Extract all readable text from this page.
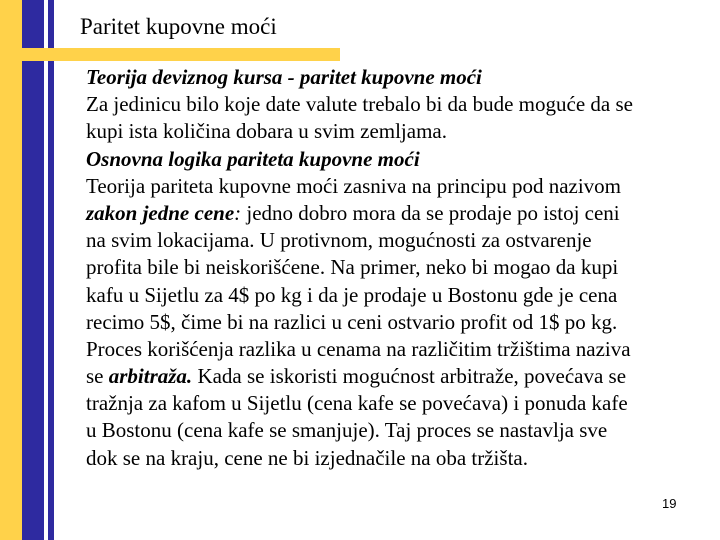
Paritet kupovne moći
Teorija deviznog kursa - paritet kupovne moći
Za jedinicu bilo koje date valute trebalo bi da bude moguće da se
kupi ista količina dobara u svim zemljama.
Osnovna logika pariteta kupovne moći
Teorija pariteta kupovne moći zasniva na principu pod nazivom
zakon jedne cene: jedno dobro mora da se prodaje po istoj ceni
na svim lokacijama. U protivnom, mogućnosti za ostvarenje
profita bile bi neiskorišćene. Na primer, neko bi mogao da kupi
kafu u Sijetlu za 4$ po kg i da je prodaje u Bostonu gde je cena
recimo 5$, čime bi na razlici u ceni ostvario profit od 1$ po kg.
Proces korišćenja razlika u cenama na različitim tržištima naziva
se arbitraža. Kada se iskoristi mogućnost arbitraže, povećava se
tražnja za kafom u Sijetlu (cena kafe se povećava) i ponuda kafe
u Bostonu (cena kafe se smanjuje). Taj proces se nastavlja sve
dok se na kraju, cene ne bi izjednačile na oba tržišta.
19
